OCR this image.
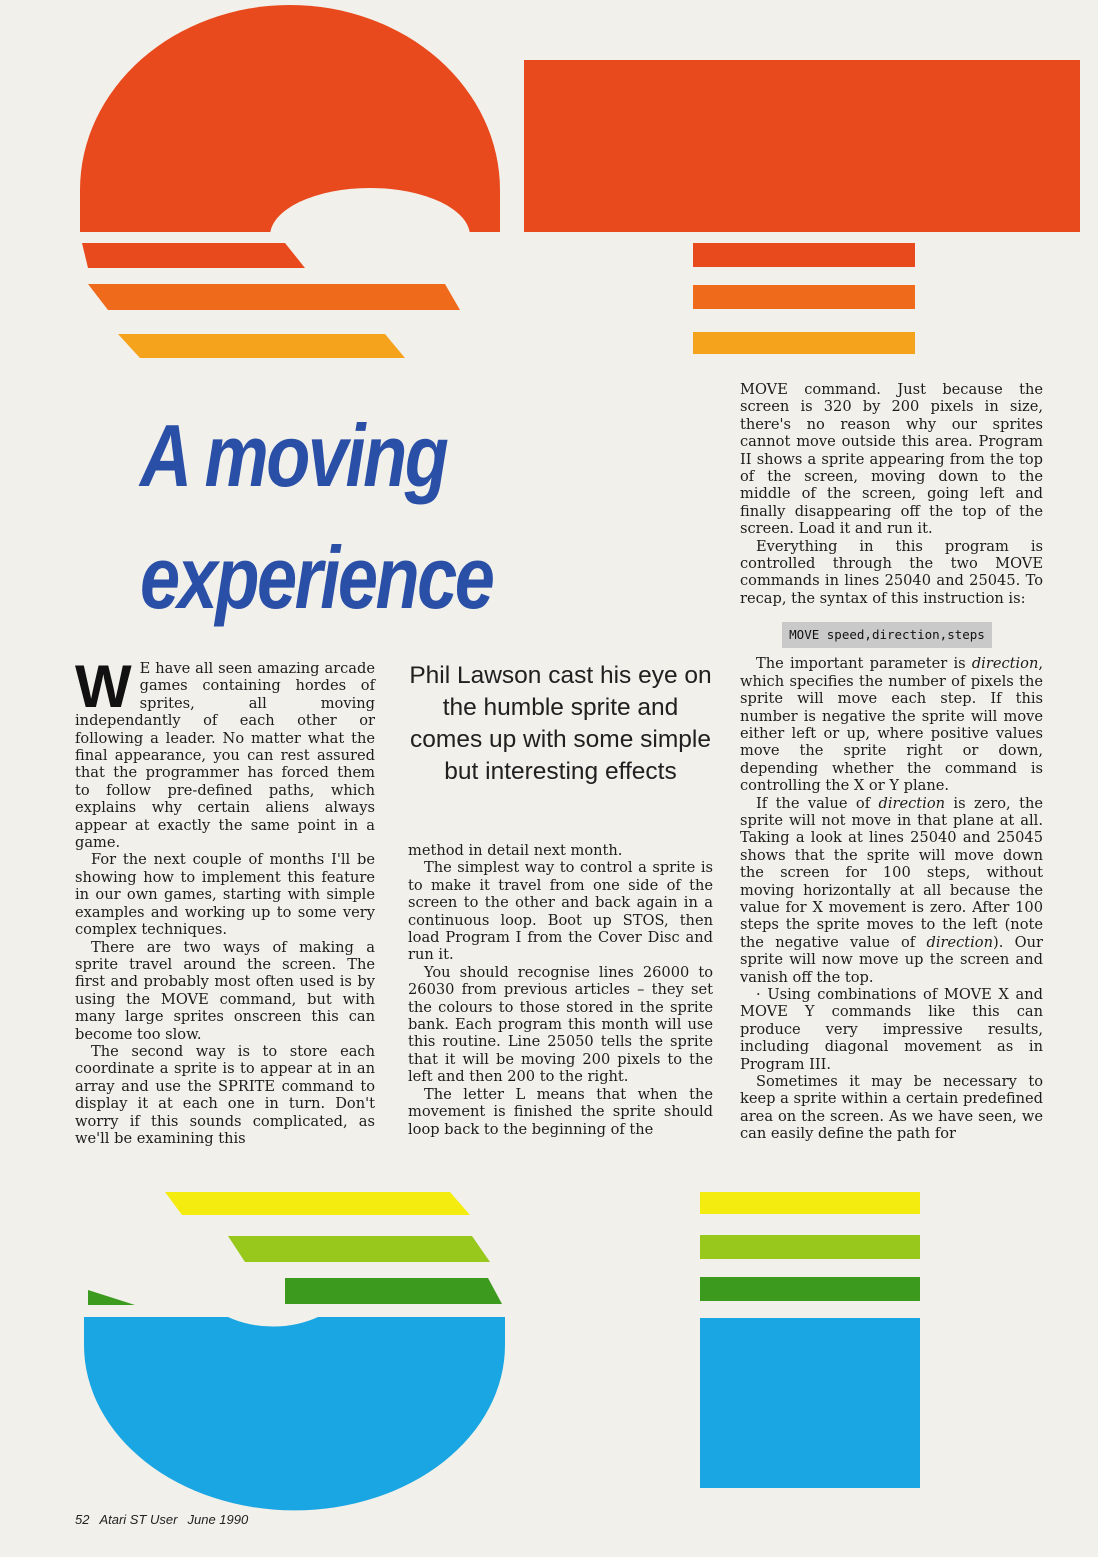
A moving
experience
Phil Lawson cast his eye on the humble sprite and comes up with some simple but interesting effects

W E have all seen amazing arcade games containing hordes of sprites, all moving independantly of each other or following a leader. No matter what the final appearance, you can rest assured that the programmer has forced them to follow pre-defined paths, which explains why certain aliens always appear at exactly the same point in a game.

For the next couple of months I'll be showing how to implement this feature in our own games, starting with simple examples and working up to some very complex techniques.

There are two ways of making a sprite travel around the screen. The first and probably most often used is by using the MOVE command, but with many large sprites onscreen this can become too slow.

The second way is to store each coordinate a sprite is to appear at in an array and use the SPRITE command to display it at each one in turn. Don't worry if this sounds complicated, as we'll be examining this

method in detail next month.

The simplest way to control a sprite is to make it travel from one side of the screen to the other and back again in a continuous loop. Boot up STOS, then load Program I from the Cover Disc and run it.

You should recognise lines 26000 to 26030 from previous articles – they set the colours to those stored in the sprite bank. Each program this month will use this routine. Line 25050 tells the sprite that it will be moving 200 pixels to the left and then 200 to the right.

The letter L means that when the movement is finished the sprite should loop back to the beginning of the

MOVE command. Just because the screen is 320 by 200 pixels in size, there's no reason why our sprites cannot move outside this area. Program II shows a sprite appearing from the top of the screen, moving down to the middle of the screen, going left and finally disappearing off the top of the screen. Load it and run it.

Everything in this program is controlled through the two MOVE commands in lines 25040 and 25045. To recap, the syntax of this instruction is:

The important parameter is direction, which specifies the number of pixels the sprite will move each step. If this number is negative the sprite will move either left or up, where positive values move the sprite right or down, depending whether the command is controlling the X or Y plane.

If the value of direction is zero, the sprite will not move in that plane at all. Taking a look at lines 25040 and 25045 shows that the sprite will move down the screen for 100 steps, without moving horizontally at all because the value for X movement is zero. After 100 steps the sprite moves to the left (note the negative value of direction). Our sprite will now move up the screen and vanish off the top.

· Using combinations of MOVE X and MOVE Y commands like this can produce very impressive results, including diagonal movement as in Program III.

Sometimes it may be necessary to keep a sprite within a certain predefined area on the screen. As we have seen, we can easily define the path for

MOVE speed,direction,steps
52 Atari ST User June 1990
